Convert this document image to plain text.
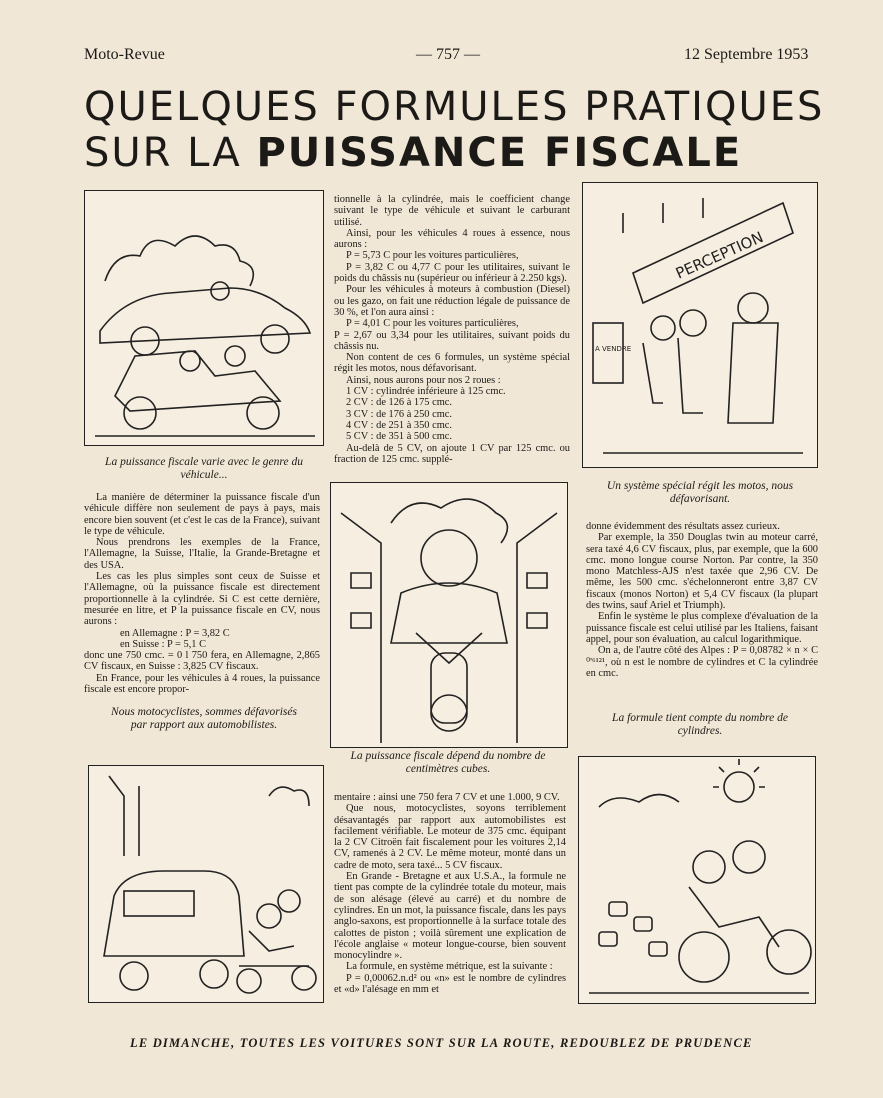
Moto-Revue	— 757 —	12 Septembre 1953
QUELQUES FORMULES PRATIQUES
SUR LA PUISSANCE FISCALE
La puissance fiscale varie avec le genre du véhicule...

La manière de déterminer la puissance fiscale d'un véhicule diffère non seulement de pays à pays, mais encore bien souvent (et c'est le cas de la France), suivant le type de véhicule.

Nous prendrons les exemples de la France, l'Allemagne, la Suisse, l'Italie, la Grande-Bretagne et des USA.

Les cas les plus simples sont ceux de Suisse et l'Allemagne, où la puissance fiscale est directement proportionnelle à la cylindrée. Si C est cette dernière, mesurée en litre, et P la puissance fiscale en CV, nous aurons :

en Allemagne : P = 3,82 C

en Suisse : P = 5,1 C

donc une 750 cmc. = 0 l 750 fera, en Allemagne, 2,865 CV fiscaux, en Suisse : 3,825 CV fiscaux.

En France, pour les véhicules à 4 roues, la puissance fiscale est encore propor-

Nous motocyclistes, sommes défavorisés par rapport aux automobilistes.

tionnelle à la cylindrée, mais le coefficient change suivant le type de véhicule et suivant le carburant utilisé.

Ainsi, pour les véhicules 4 roues à essence, nous aurons :

P = 5,73 C pour les voitures particulières,

P = 3,82 C ou 4,77 C pour les utilitaires, suivant le poids du châssis nu (supérieur ou inférieur à 2.250 kgs).

Pour les véhicules à moteurs à combustion (Diesel) ou les gazo, on fait une réduction légale de puissance de 30 %, et l'on aura ainsi :

P = 4,01 C pour les voitures particulières,

P = 2,67 ou 3,34 pour les utilitaires, suivant poids du châssis nu.

Non content de ces 6 formules, un système spécial régit les motos, nous défavorisant.

Ainsi, nous aurons pour nos 2 roues :

1 CV : cylindrée inférieure à 125 cmc.

2 CV : de 126 à 175 cmc.

3 CV : de 176 à 250 cmc.

4 CV : de 251 à 350 cmc.

5 CV : de 351 à 500 cmc.

Au-delà de 5 CV, on ajoute 1 CV par 125 cmc. ou fraction de 125 cmc. supplé-

La puissance fiscale dépend du nombre de centimètres cubes.

mentaire : ainsi une 750 fera 7 CV et une 1.000, 9 CV.

Que nous, motocyclistes, soyons terriblement désavantagés par rapport aux automobilistes est facilement vérifiable. Le moteur de 375 cmc. équipant la 2 CV Citroën fait fiscalement pour les voitures 2,14 CV, ramenés à 2 CV. Le même moteur, monté dans un cadre de moto, sera taxé... 5 CV fiscaux.

En Grande - Bretagne et aux U.S.A., la formule ne tient pas compte de la cylindrée totale du moteur, mais de son alésage (élevé au carré) et du nombre de cylindres. En un mot, la puissance fiscale, dans les pays anglo-saxons, est proportionnelle à la surface totale des calottes de piston ; voilà sûrement une explication de l'école anglaise « moteur longue-course, bien souvent monocylindre ».

La formule, en système métrique, est la suivante :

P = 0,00062.n.d² ou «n» est le nombre de cylindres et «d» l'alésage en mm et

PERCEPTION
A VENDRE
Un système spécial régit les motos, nous défavorisant.

donne évidemment des résultats assez curieux.

Par exemple, la 350 Douglas twin au moteur carré, sera taxé 4,6 CV fiscaux, plus, par exemple, que la 600 cmc. mono longue course Norton. Par contre, la 350 mono Matchless-AJS n'est taxée que 2,96 CV. De même, les 500 cmc. s'échelonneront entre 3,87 CV fiscaux (monos Norton) et 5,4 CV fiscaux (la plupart des twins, sauf Ariel et Triumph).

Enfin le système le plus complexe d'évaluation de la puissance fiscale est celui utilisé par les Italiens, faisant appel, pour son évaluation, au calcul logarithmique.

On a, de l'autre côté des Alpes : P = 0,08782 × n × C ⁰'⁶¹²¹, où n est le nombre de cylindres et C la cylindrée en cmc.

La formule tient compte du nombre de cylindres.
LE DIMANCHE, TOUTES LES VOITURES SONT SUR LA ROUTE, REDOUBLEZ DE PRUDENCE
